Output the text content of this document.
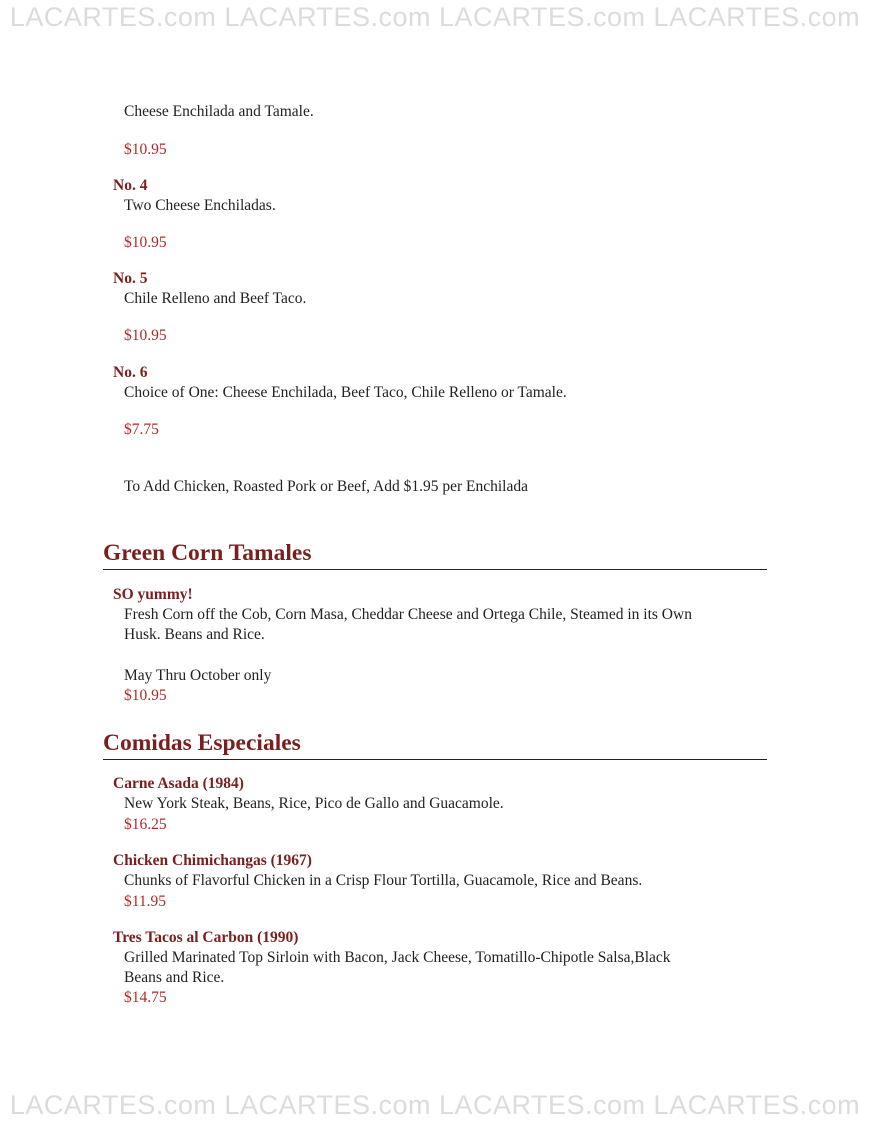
LACARTES.com LACARTES.com LACARTES.com LACARTES.com
Cheese Enchilada and Tamale.
$10.95
No. 4
Two Cheese Enchiladas.
$10.95
No. 5
Chile Relleno and Beef Taco.
$10.95
No. 6
Choice of One: Cheese Enchilada, Beef Taco, Chile Relleno or Tamale.
$7.75
To Add Chicken, Roasted Pork or Beef, Add $1.95 per Enchilada
Green Corn Tamales
SO yummy!
Fresh Corn off the Cob, Corn Masa, Cheddar Cheese and Ortega Chile, Steamed in its Own
Husk. Beans and Rice.
May Thru October only
$10.95
Comidas Especiales
Carne Asada (1984)
New York Steak, Beans, Rice, Pico de Gallo and Guacamole.
$16.25
Chicken Chimichangas (1967)
Chunks of Flavorful Chicken in a Crisp Flour Tortilla, Guacamole, Rice and Beans.
$11.95
Tres Tacos al Carbon (1990)
Grilled Marinated Top Sirloin with Bacon, Jack Cheese, Tomatillo-Chipotle Salsa,Black
Beans and Rice.
$14.75
LACARTES.com LACARTES.com LACARTES.com LACARTES.com
